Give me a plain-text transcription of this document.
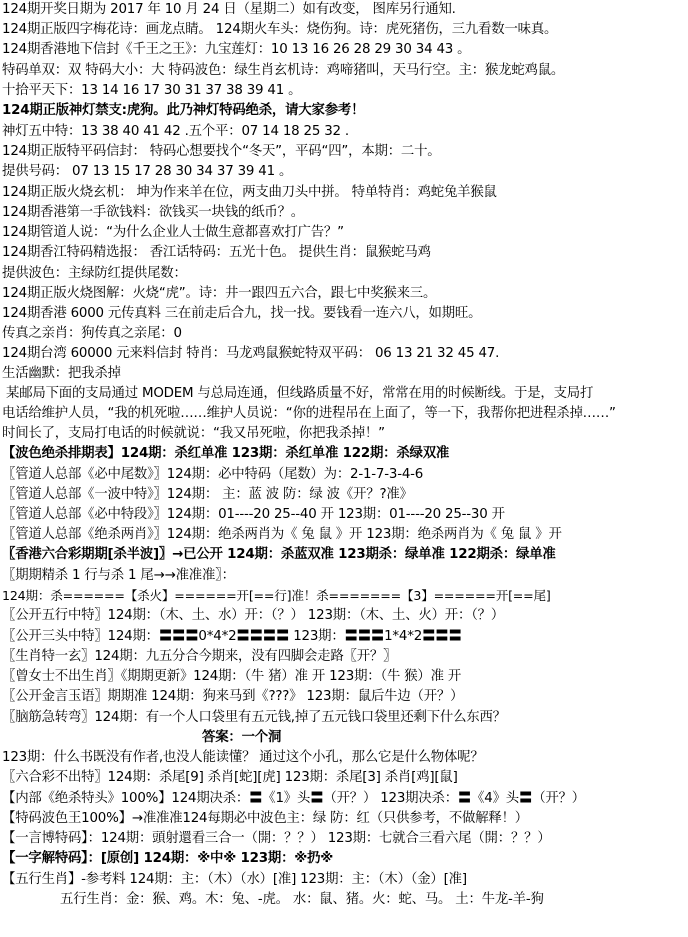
124期开奖日期为 2017 年 10 月 24 日（星期二）如有改变， 图库另行通知.
124期正版四字梅花诗：画龙点睛。 124期火车头：烧伤狗。诗：虎死猪伤，三九看数一味真。
124期香港地下信封《千王之王》：九宝莲灯：10 13 16 26 28 29 30 34 43 。
特码单双：双 特码大小：大 特码波色：绿生肖玄机诗：鸡啼猪叫，天马行空。主：猴龙蛇鸡鼠。
十拾平天下：13 14 16 17 30 31 37 38 39 41 。
124期正版神灯禁支:虎狗。此乃神灯特码绝杀，请大家参考！
神灯五中特：13 38 40 41 42 .五个平：07 14 18 25 32 .
124期正版特平码信封： 特码心想要找个“冬天”，平码“四”，本期：二十。
提供号码： 07 13 15 17 28 30 34 37 39 41 。
124期正版火烧玄机： 坤为作来羊在位，两支曲刀头中拼。 特单特肖：鸡蛇兔羊猴鼠
124期香港第一手欲钱料：欲钱买一块钱的纸币？。
124期管道人说：“为什么企业人士做生意都喜欢打广告？”
124期香江特码精选报： 香江话特码：五光十色。 提供生肖：鼠猴蛇马鸡
提供波色：主绿防红提供尾数：
124期正版火烧图解：火烧“虎”。诗：井一跟四五六合，跟七中奖猴来三。
124期香港 6000 元传真料 三在前走后合九，找一找。要钱看一连六八，如期旺。
传真之亲肖：狗传真之亲尾：0
124期台湾 60000 元来料信封 特肖：马龙鸡鼠猴蛇特双平码： 06 13 21 32 45 47.
生活幽默：把我杀掉
某邮局下面的支局通过 MODEM 与总局连通，但线路质量不好，常常在用的时候断线。于是，支局打
电话给维护人员，“我的机死啦……维护人员说：“你的进程吊在上面了，等一下，我帮你把进程杀掉……”
时间长了，支局打电话的时候就说：“我又吊死啦，你把我杀掉！”
【波色绝杀排期表】124期：杀红单准 123期：杀红单准 122期：杀绿双准
〖管道人总部《必中尾数》〗124期：必中特码（尾数）为：2-1-7-3-4-6
〖管道人总部《一波中特》〗124期： 主：蓝 波 防：绿 波《开？?准》
〖管道人总部《必中特段》〗124期：01----20 25--40 开 123期：01----20 25--30 开
〖管道人总部《绝杀两肖》〗124期：绝杀两肖为《 兔 鼠 》开 123期：绝杀两肖为《 兔 鼠 》开
〖香港六合彩期期[杀半波]〗→已公开 124期：杀蓝双准 123期杀：绿单准 122期杀：绿单准
〖期期精杀 1 行与杀 1 尾→→准准准〗：
124期：杀======【杀火】======开[==行]准！杀=======【3】======开[==尾]
〖公开五行中特〗124期：（木、土、水）开：（？） 123期：（木、土、火）开：（？）
〖公开三头中特〗124期：〓〓〓0*4*2〓〓〓〓 123期：〓〓〓1*4*2〓〓〓
〖生肖特一玄〗124期：九五分合今期来，没有四脚会走路〖开？〗
〖曾女士不出生肖〗《期期更新》124期：（牛 猪）准 开 123期：（牛 猴）准 开
〖公开金言玉语〗期期准 124期：狗来马到《???》 123期：鼠后牛边（开？）
〖脑筋急转弯〗124期：有一个人口袋里有五元钱,掉了五元钱口袋里还剩下什么东西？
答案：一个洞
123期：什么书既没有作者,也没人能读懂？ 通过这个小孔，那么它是什么物体呢？
〖六合彩不出特〗124期：杀尾[9] 杀肖[蛇][虎] 123期：杀尾[3] 杀肖[鸡][鼠]
【内部《绝杀特头》100%】124期决杀：〓《1》头〓（开？） 123期决杀：〓《4》头〓（开？）
【特码波色王100%】→准准准124每期必中波色主：绿 防：红（只供参考，不做解释！）
【一言博特码】：124期：頭射還看三合一（開：？？） 123期：七就合三看六尾（開：？？）
【一字解特码】：[原创] 124期：※中※ 123期：※扔※
【五行生肖】-参考料 124期：主：（木）（水）[准] 123期：主：（木）（金）[准]
五行生肖：金：猴、鸡。木：兔、-虎。 水：鼠、猪。火：蛇、马。 土：牛龙-羊-狗
